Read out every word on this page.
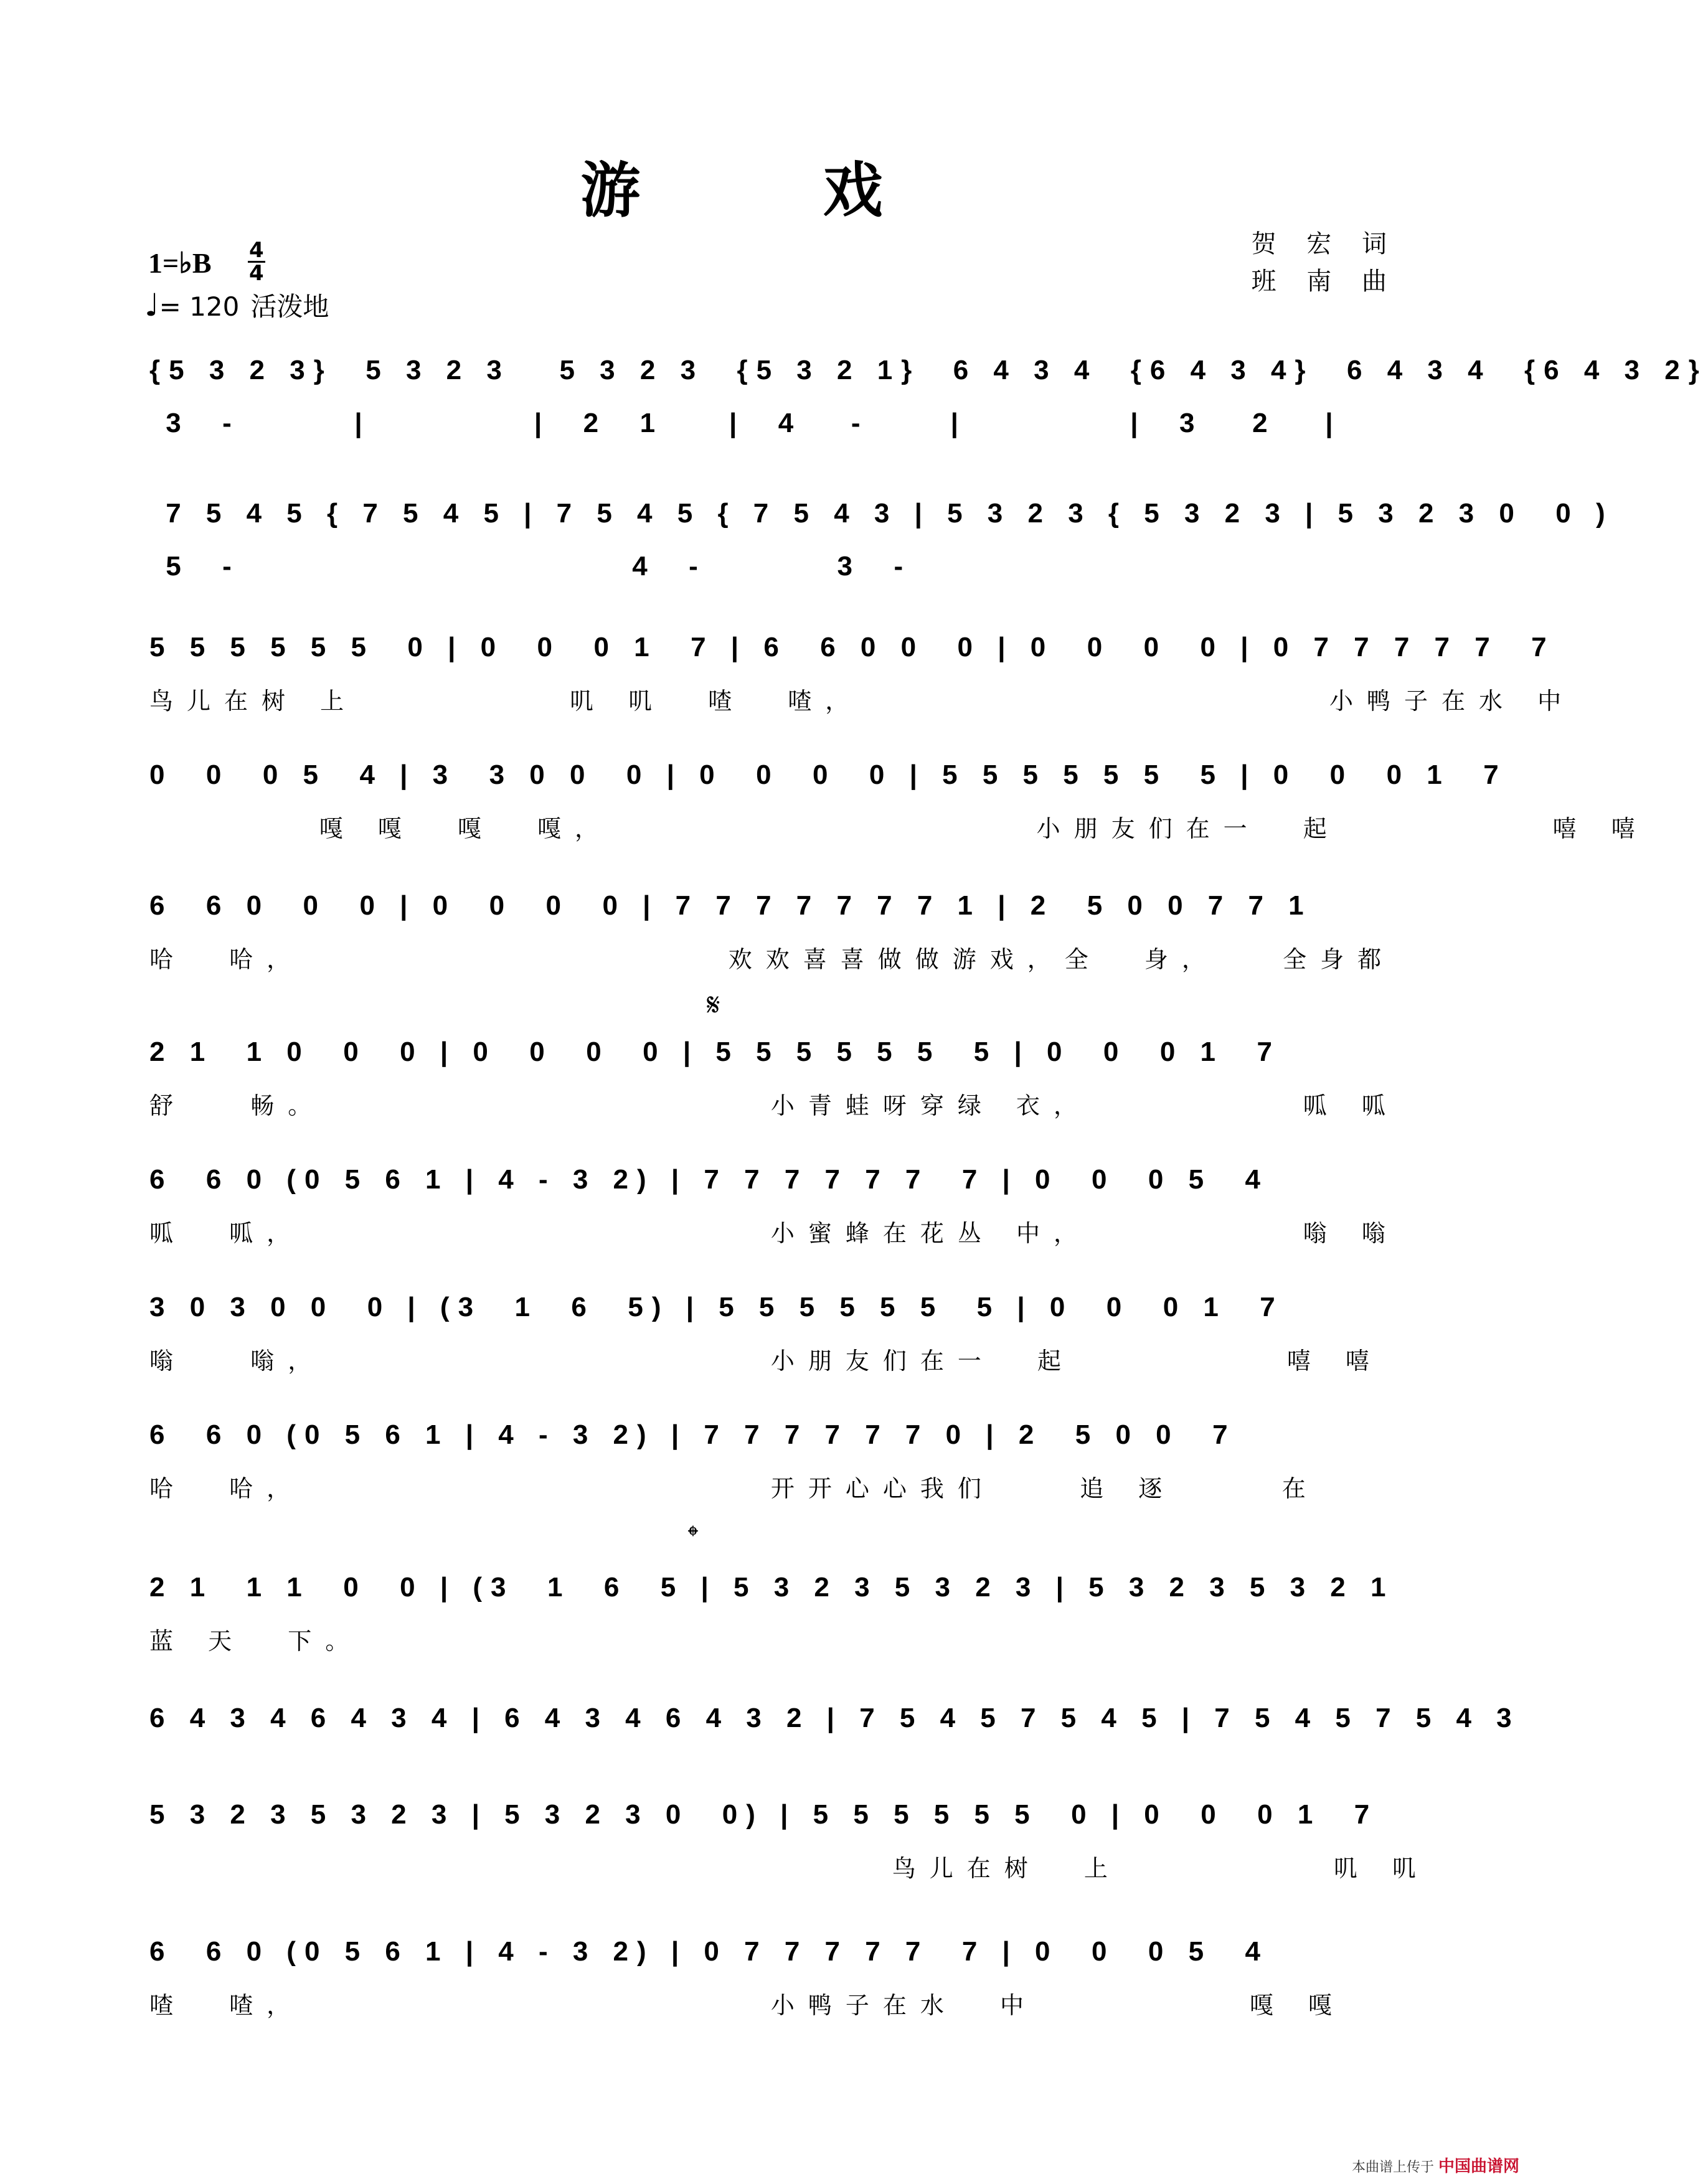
游 戏
贺 宏 词
班 南 曲
1=♭B 4
4
♩= 120 活泼地
{5 3 2 3}  5 3 2 3   5 3 2 3  {5 3 2 1}  6 4 3 4  {6 4 3 4}  6 4 3 4  {6 4 3 2}
3  -       |          |  2  1    |  4   -     |          |  3   2   |
7 5 4 5 { 7 5 4 5 | 7 5 4 5 { 7 5 4 3 | 5 3 2 3 { 5 3 2 3 | 5 3 2 3 0  0 )
5  -                        4  -        3  -
5 5 5 5 5 5  0 | 0  0  0 1  7 | 6  6 0 0  0 | 0  0  0  0 | 0 7 7 7 7 7  7
鸟儿在树 上          叽 叽  喳  喳，                      小鸭子在水 中
0  0  0 5  4 | 3  3 0 0  0 | 0  0  0  0 | 5 5 5 5 5 5  5 | 0  0  0 1  7
嘎 嘎  嘎  嘎，                    小朋友们在一  起          嘻 嘻
6  6 0  0  0 | 0  0  0  0 | 7 7 7 7 7 7 7 1 | 2  5 0 0 7 7 1
哈  哈，                    欢欢喜喜做做游戏，全  身，   全身都
𝄋
2 1  1 0  0  0 | 0  0  0  0 | 5 5 5 5 5 5  5 | 0  0  0 1  7
舒   畅。                     小青蛙呀穿绿 衣，          呱 呱
6  6 0 (0 5 6 1 | 4 - 3 2) | 7 7 7 7 7 7  7 | 0  0  0 5  4
呱  呱，                      小蜜蜂在花丛 中，          嗡 嗡
3 0 3 0 0  0 | (3  1  6  5) | 5 5 5 5 5 5  5 | 0  0  0 1  7
嗡   嗡，                     小朋友们在一  起          嘻 嘻
6  6 0 (0 5 6 1 | 4 - 3 2) | 7 7 7 7 7 7 0 | 2  5 0 0  7
哈  哈，                      开开心心我们    追 逐     在
𝄌
2 1  1 1  0  0 | (3  1  6  5 | 5 3 2 3 5 3 2 3 | 5 3 2 3 5 3 2 1
蓝 天  下。
6 4 3 4 6 4 3 4 | 6 4 3 4 6 4 3 2 | 7 5 4 5 7 5 4 5 | 7 5 4 5 7 5 4 3
5 3 2 3 5 3 2 3 | 5 3 2 3 0  0) | 5 5 5 5 5 5  0 | 0  0  0 1  7
鸟儿在树  上          叽 叽
6  6 0 (0 5 6 1 | 4 - 3 2) | 0 7 7 7 7 7  7 | 0  0  0 5  4
喳  喳，                      小鸭子在水  中          嘎 嘎
本曲谱上传于 中国曲谱网
